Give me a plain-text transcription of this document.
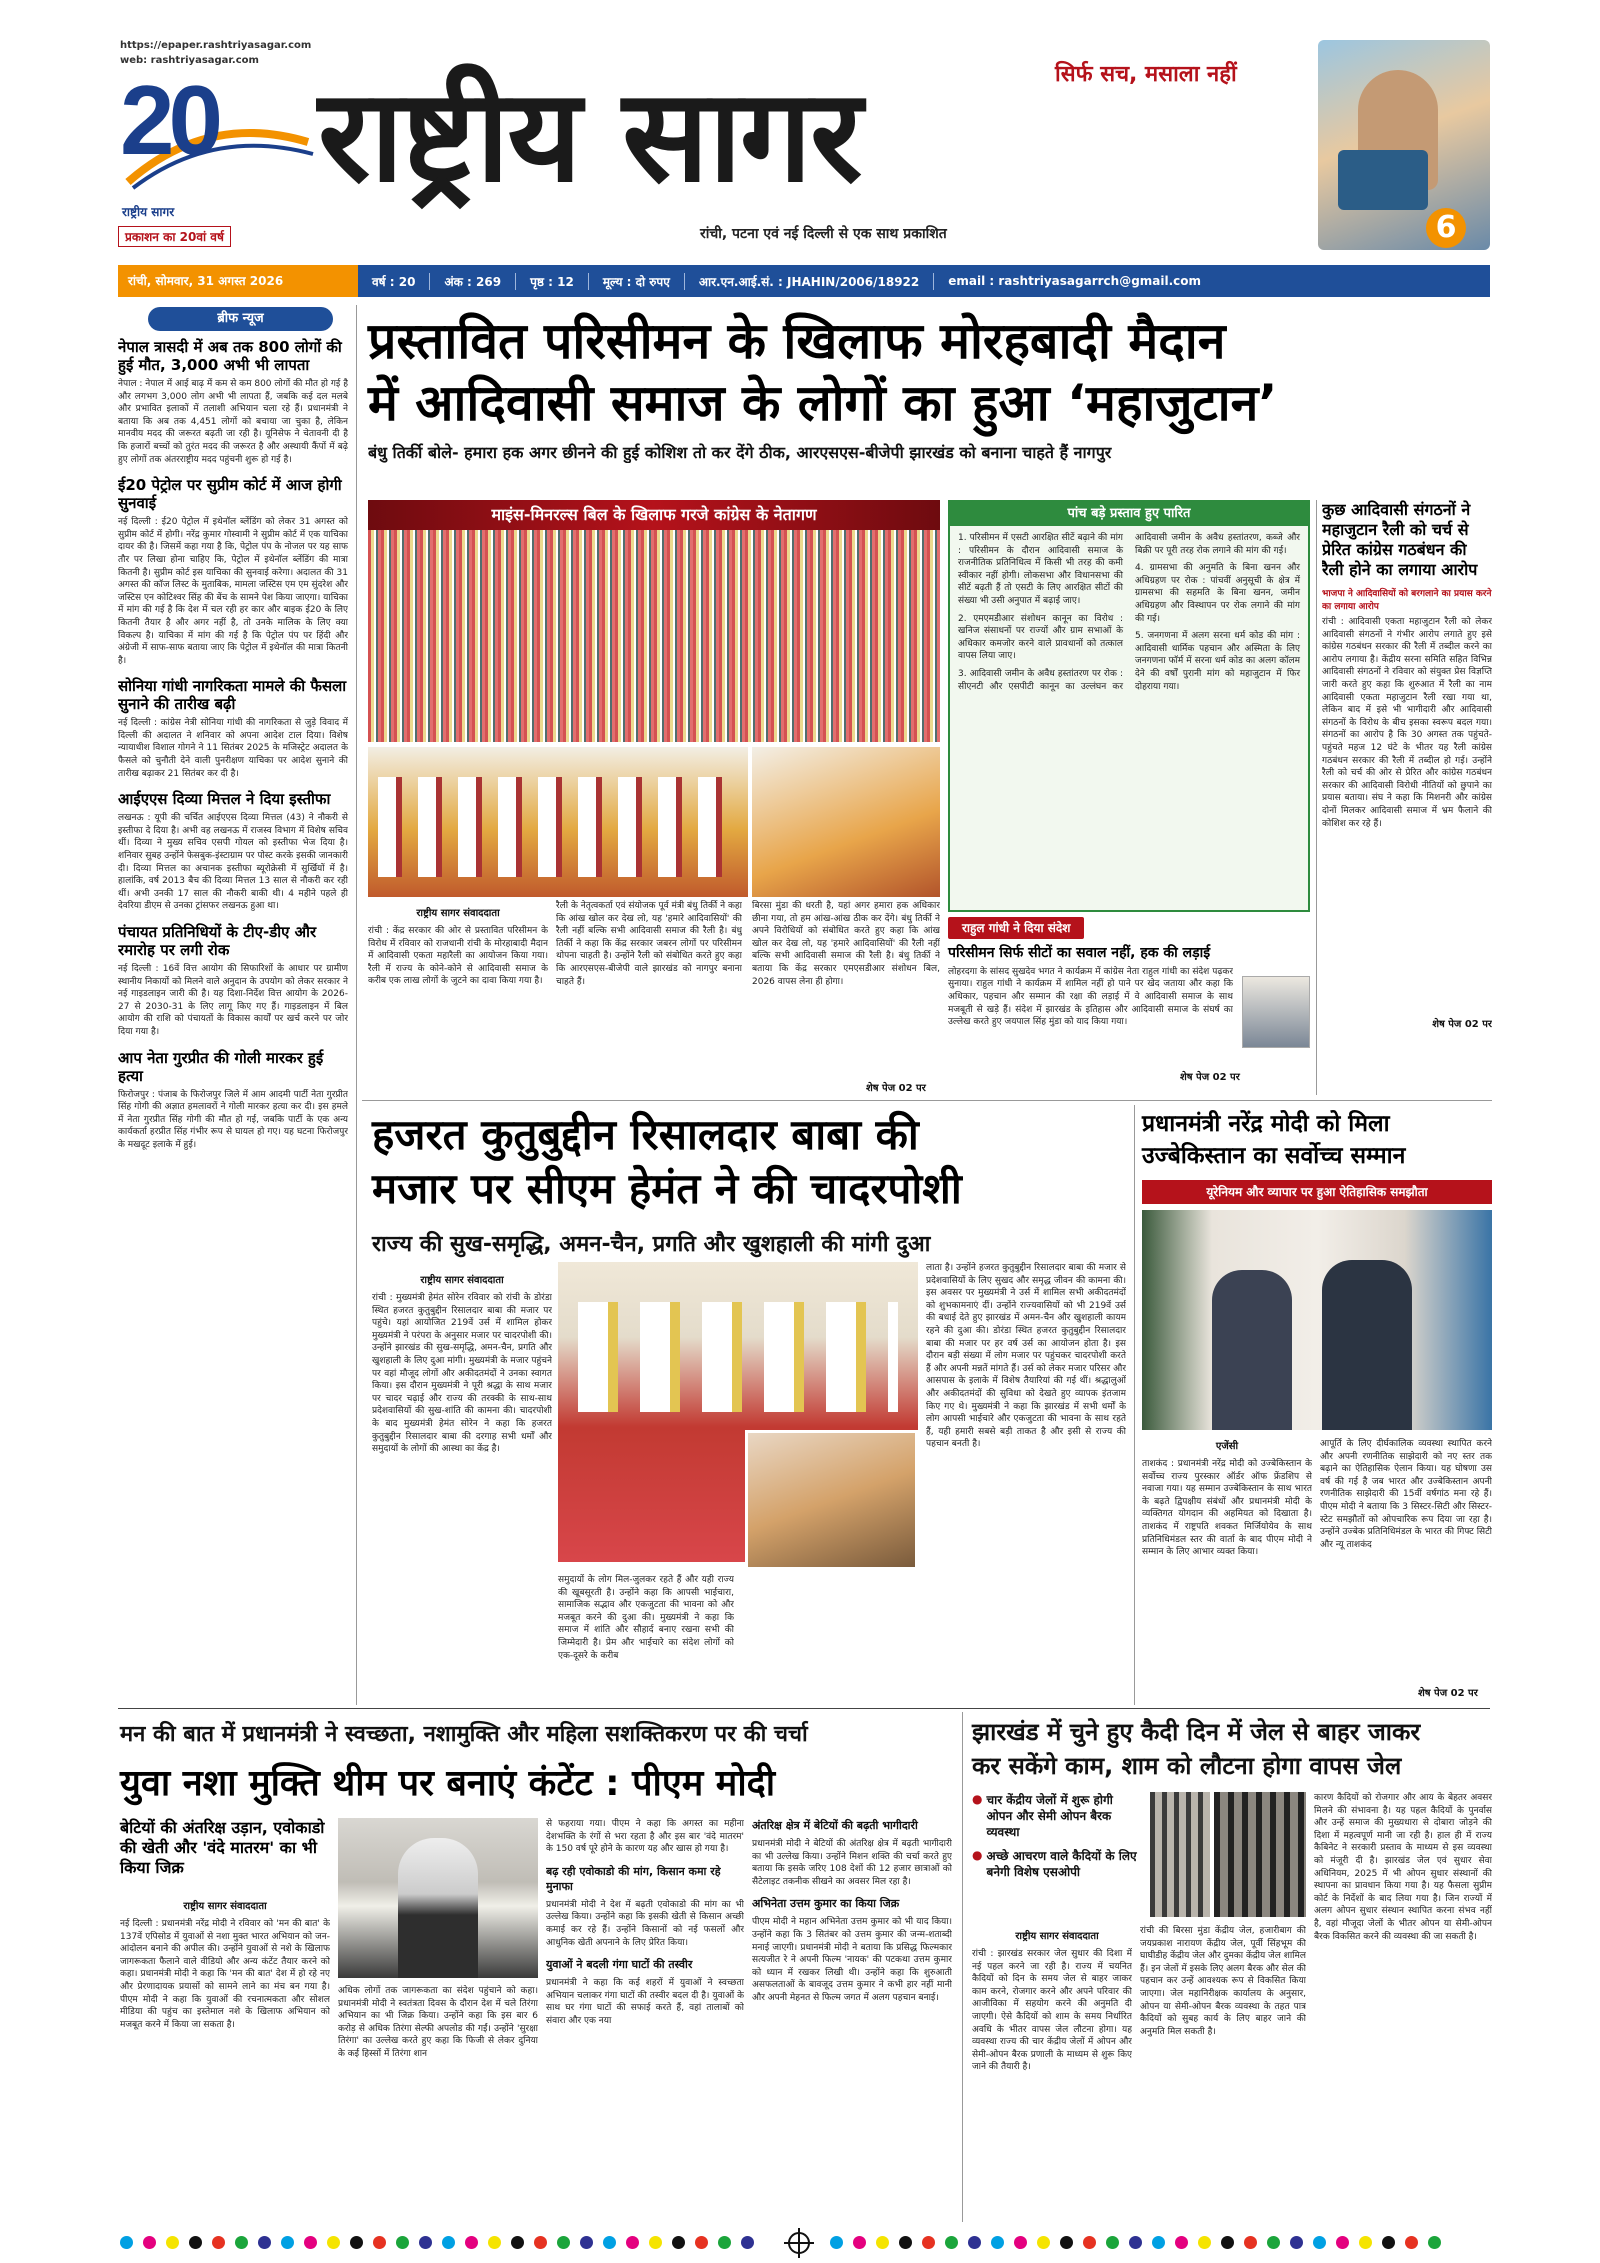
https://epaper.rashtriyasagar.com
web: rashtriyasagar.com
20
राष्ट्रीय सागर
प्रकाशन का 20वां वर्ष
राष्ट्रीय सागर	सिर्फ सच, मसाला नहीं
रांची, पटना एवं नई दिल्ली से एक साथ प्रकाशित	6
रांची, सोमवार, 31 अगस्त 2026	वर्ष : 20	अंक : 269	पृष्ठ : 12	मूल्य : दो रुपए	आर.एन.आई.सं. : JHAHIN/2006/18922	email : rashtriyasagarrch@gmail.com
ब्रीफ न्यूज
नेपाल त्रासदी में अब तक 800 लोगों की हुई मौत, 3,000 अभी भी लापता

नेपाल : नेपाल में आई बाढ़ में कम से कम 800 लोगों की मौत हो गई है और लगभग 3,000 लोग अभी भी लापता हैं, जबकि कई दल मलबे और प्रभावित इलाकों में तलाशी अभियान चला रहे हैं। प्रधानमंत्री ने बताया कि अब तक 4,451 लोगों को बचाया जा चुका है, लेकिन मानवीय मदद की जरूरत बढ़ती जा रही है। यूनिसेफ ने चेतावनी दी है कि हजारों बच्चों को तुरंत मदद की जरूरत है और अस्थायी कैंपों में बढ़े हुए लोगों तक अंतरराष्ट्रीय मदद पहुंचनी शुरू हो गई है।

ई20 पेट्रोल पर सुप्रीम कोर्ट में आज होगी सुनवाई

नई दिल्ली : ई20 पेट्रोल में इथेनॉल ब्लेंडिंग को लेकर 31 अगस्त को सुप्रीम कोर्ट में होगी। नरेंद्र कुमार गोस्वामी ने सुप्रीम कोर्ट में एक याचिका दायर की है। जिसमें कहा गया है कि, पेट्रोल पंप के नोजल पर यह साफ तौर पर लिखा होना चाहिए कि, पेट्रोल में इथेनॉल ब्लेंडिंग की मात्रा कितनी है। सुप्रीम कोर्ट इस याचिका की सुनवाई करेगा। अदालत की 31 अगस्त की कॉज लिस्ट के मुताबिक, मामला जस्टिस एम एम सुंदरेश और जस्टिस एन कोटिश्वर सिंह की बेंच के सामने पेश किया जाएगा। याचिका में मांग की गई है कि देश में चल रही हर कार और बाइक ई20 के लिए कितनी तैयार है और अगर नहीं है, तो उनके मालिक के लिए क्या विकल्प है। याचिका में मांग की गई है कि पेट्रोल पंप पर हिंदी और अंग्रेजी में साफ-साफ बताया जाए कि पेट्रोल में इथेनॉल की मात्रा कितनी है।

सोनिया गांधी नागरिकता मामले की फैसला सुनाने की तारीख बढ़ी

नई दिल्ली : कांग्रेस नेत्री सोनिया गांधी की नागरिकता से जुड़े विवाद में दिल्ली की अदालत ने शनिवार को अपना आदेश टाल दिया। विशेष न्यायाधीश विशाल गोगने ने 11 सितंबर 2025 के मजिस्ट्रेट अदालत के फैसले को चुनौती देने वाली पुनरीक्षण याचिका पर आदेश सुनाने की तारीख बढ़ाकर 21 सितंबर कर दी है।

आईएएस दिव्या मित्तल ने दिया इस्तीफा

लखनऊ : यूपी की चर्चित आईएएस दिव्या मित्तल (43) ने नौकरी से इस्तीफा दे दिया है। अभी वह लखनऊ में राजस्व विभाग में विशेष सचिव थीं। दिव्या ने मुख्य सचिव एसपी गोयल को इस्तीफा भेज दिया है। शनिवार सुबह उन्होंने फेसबुक-इंस्टाग्राम पर पोस्ट करके इसकी जानकारी दी। दिव्या मित्तल का अचानक इस्तीफा ब्यूरोक्रेसी में सुर्खियों में है। हालांकि, वर्ष 2013 बैच की दिव्या मित्तल 13 साल से नौकरी कर रही थीं। अभी उनकी 17 साल की नौकरी बाकी थी। 4 महीने पहले ही देवरिया डीएम से उनका ट्रांसफर लखनऊ हुआ था।

पंचायत प्रतिनिधियों के टीए-डीए और रमारोह पर लगी रोक

नई दिल्ली : 16वें वित्त आयोग की सिफारिशों के आधार पर ग्रामीण स्थानीय निकायों को मिलने वाले अनुदान के उपयोग को लेकर सरकार ने नई गाइडलाइन जारी की है। यह दिशा-निर्देश वित्त आयोग के 2026-27 से 2030-31 के लिए लागू किए गए हैं। गाइडलाइन में बिल आयोग की राशि को पंचायतों के विकास कार्यों पर खर्च करने पर जोर दिया गया है।

आप नेता गुरप्रीत की गोली मारकर हुई हत्या

फिरोजपुर : पंजाब के फिरोजपुर जिले में आम आदमी पार्टी नेता गुरप्रीत सिंह गोगी की अज्ञात हमलावरों ने गोली मारकर हत्या कर दी। इस हमले में नेता गुरप्रीत सिंह गोगी की मौत हो गई, जबकि पार्टी के एक अन्य कार्यकर्ता हरप्रीत सिंह गंभीर रूप से घायल हो गए। यह घटना फिरोजपुर के मखदूट इलाके में हुई।

प्रस्तावित परिसीमन के खिलाफ मोरहबादी मैदान
में आदिवासी समाज के लोगों का हुआ ‘महाजुटान’
बंधु तिर्की बोले- हमारा हक अगर छीनने की हुई कोशिश तो कर देंगे ठीक, आरएसएस-बीजेपी झारखंड को बनाना चाहते हैं नागपुर
माइंस-मिनरल्स बिल के खिलाफ गरजे कांग्रेस के नेतागण
राष्ट्रीय सागर संवाददाता

रांची : केंद्र सरकार की ओर से प्रस्तावित परिसीमन के विरोध में रविवार को राजधानी रांची के मोरहाबादी मैदान में आदिवासी एकता महारैली का आयोजन किया गया। रैली में राज्य के कोने-कोने से आदिवासी समाज के करीब एक लाख लोगों के जुटने का दावा किया गया है।

रैली के नेतृत्वकर्ता एवं संयोजक पूर्व मंत्री बंधु तिर्की ने कहा कि आंख खोल कर देख लो, यह 'हमारे आदिवासियों' की रैली नहीं बल्कि सभी आदिवासी समाज की रैली है। बंधु तिर्की ने कहा कि केंद्र सरकार जबरन लोगों पर परिसीमन थोपना चाहती है। उन्होंने रैली को संबोधित करते हुए कहा कि आरएसएस-बीजेपी वाले झारखंड को नागपुर बनाना चाहते हैं।

बिरसा मुंडा की धरती है, यहां अगर हमारा हक अधिकार छीना गया, तो हम आंख-आंख ठीक कर देंगे। बंधु तिर्की ने अपने विरोधियों को संबोधित करते हुए कहा कि आंख खोल कर देख लो, यह 'हमारे आदिवासियों' की रैली नहीं बल्कि सभी आदिवासी समाज की रैली है। बंधु तिर्की ने बताया कि केंद्र सरकार एमएसडीआर संशोधन बिल, 2026 वापस लेना ही होगा।

शेष पेज 02 पर
पांच बड़े प्रस्ताव हुए पारित

1. परिसीमन में एसटी आरक्षित सीटें बढ़ाने की मांग : परिसीमन के दौरान आदिवासी समाज के राजनीतिक प्रतिनिधित्व में किसी भी तरह की कमी स्वीकार नहीं होगी। लोकसभा और विधानसभा की सीटें बढ़ती हैं तो एसटी के लिए आरक्षित सीटों की संख्या भी उसी अनुपात में बढ़ाई जाए।

2. एमएमडीआर संशोधन कानून का विरोध : खनिज संसाधनों पर राज्यों और ग्राम सभाओं के अधिकार कमजोर करने वाले प्रावधानों को तत्काल वापस लिया जाए।

3. आदिवासी जमीन के अवैध हस्तांतरण पर रोक : सीएनटी और एसपीटी कानून का उल्लंघन कर आदिवासी जमीन के अवैध हस्तांतरण, कब्जे और बिक्री पर पूरी तरह रोक लगाने की मांग की गई।

4. ग्रामसभा की अनुमति के बिना खनन और अधिग्रहण पर रोक : पांचवीं अनुसूची के क्षेत्र में ग्रामसभा की सहमति के बिना खनन, जमीन अधिग्रहण और विस्थापन पर रोक लगाने की मांग की गई।

5. जनगणना में अलग सरना धर्म कोड की मांग : आदिवासी धार्मिक पहचान और अस्मिता के लिए जनगणना फॉर्म में सरना धर्म कोड का अलग कॉलम देने की वर्षों पुरानी मांग को महाजुटान में फिर दोहराया गया।

राहुल गांधी ने दिया संदेश
परिसीमन सिर्फ सीटों का सवाल नहीं, हक की लड़ाई

लोहरदगा के सांसद सुखदेव भगत ने कार्यक्रम में कांग्रेस नेता राहुल गांधी का संदेश पढ़कर सुनाया। राहुल गांधी ने कार्यक्रम में शामिल नहीं हो पाने पर खेद जताया और कहा कि अधिकार, पहचान और सम्मान की रक्षा की लड़ाई में वे आदिवासी समाज के साथ मजबूती से खड़े हैं। संदेश में झारखंड के इतिहास और आदिवासी समाज के संघर्ष का उल्लेख करते हुए जयपाल सिंह मुंडा को याद किया गया।

शेष पेज 02 पर
कुछ आदिवासी संगठनों ने महाजुटान रैली को चर्च से प्रेरित कांग्रेस गठबंधन की रैली होने का लगाया आरोप
भाजपा ने आदिवासियों को बरगलाने का प्रयास करने का लगाया आरोप

रांची : आदिवासी एकता महाजुटान रैली को लेकर आदिवासी संगठनों ने गंभीर आरोप लगाते हुए इसे कांग्रेस गठबंधन सरकार की रैली में तब्दील करने का आरोप लगाया है। केंद्रीय सरना समिति सहित विभिन्न आदिवासी संगठनों ने रविवार को संयुक्त प्रेस विज्ञप्ति जारी करते हुए कहा कि शुरुआत में रैली का नाम आदिवासी एकता महाजुटान रैली रखा गया था, लेकिन बाद में इसे भी भागीदारी और आदिवासी संगठनों के विरोध के बीच इसका स्वरूप बदल गया। संगठनों का आरोप है कि 30 अगस्त तक पहुंचते-पहुंचते महज 12 घंटे के भीतर यह रैली कांग्रेस गठबंधन सरकार की रैली में तब्दील हो गई। उन्होंने रैली को चर्च की ओर से प्रेरित और कांग्रेस गठबंधन सरकार की आदिवासी विरोधी नीतियों को छुपाने का प्रयास बताया। संघ ने कहा कि मिशनरी और कांग्रेस दोनों मिलकर आदिवासी समाज में भ्रम फैलाने की कोशिश कर रहे हैं।

शेष पेज 02 पर
हजरत कुतुबुद्दीन रिसालदार बाबा की
मजार पर सीएम हेमंत ने की चादरपोशी
राज्य की सुख-समृद्धि, अमन-चैन, प्रगति और खुशहाली की मांगी दुआ
राष्ट्रीय सागर संवाददाता

रांची : मुख्यमंत्री हेमंत सोरेन रविवार को रांची के डोरंडा स्थित हजरत कुतुबुद्दीन रिसालदार बाबा की मजार पर पहुंचे। यहां आयोजित 219वें उर्स में शामिल होकर मुख्यमंत्री ने परंपरा के अनुसार मजार पर चादरपोशी की। उन्होंने झारखंड की सुख-समृद्धि, अमन-चैन, प्रगति और खुशहाली के लिए दुआ मांगी। मुख्यमंत्री के मजार पहुंचने पर वहां मौजूद लोगों और अकीदतमंदों ने उनका स्वागत किया। इस दौरान मुख्यमंत्री ने पूरी श्रद्धा के साथ मजार पर चादर चढ़ाई और राज्य की तरक्की के साथ-साथ प्रदेशवासियों की सुख-शांति की कामना की। चादरपोशी के बाद मुख्यमंत्री हेमंत सोरेन ने कहा कि हजरत कुतुबुद्दीन रिसालदार बाबा की दरगाह सभी धर्मों और समुदायों के लोगों की आस्था का केंद्र है।

समुदायों के लोग मिल-जुलकर रहते हैं और यही राज्य की खूबसूरती है। उन्होंने कहा कि आपसी भाईचारा, सामाजिक सद्भाव और एकजुटता की भावना को और मजबूत करने की दुआ की। मुख्यमंत्री ने कहा कि समाज में शांति और सौहार्द बनाए रखना सभी की जिम्मेदारी है। प्रेम और भाईचारे का संदेश लोगों को एक-दूसरे के करीब

लाता है। उन्होंने हजरत कुतुबुद्दीन रिसालदार बाबा की मजार से प्रदेशवासियों के लिए सुखद और समृद्ध जीवन की कामना की। इस अवसर पर मुख्यमंत्री ने उर्स में शामिल सभी अकीदतमंदों को शुभकामनाएं दीं। उन्होंने राज्यवासियों को भी 219वें उर्स की बधाई देते हुए झारखंड में अमन-चैन और खुशहाली कायम रहने की दुआ की। डोरंडा स्थित हजरत कुतुबुद्दीन रिसालदार बाबा की मजार पर हर वर्ष उर्स का आयोजन होता है। इस दौरान बड़ी संख्या में लोग मजार पर पहुंचकर चादरपोशी करते हैं और अपनी मन्नतें मांगते हैं। उर्स को लेकर मजार परिसर और आसपास के इलाके में विशेष तैयारियां की गई थीं। श्रद्धालुओं और अकीदतमंदों की सुविधा को देखते हुए व्यापक इंतजाम किए गए थे। मुख्यमंत्री ने कहा कि झारखंड में सभी धर्मों के लोग आपसी भाईचारे और एकजुटता की भावना के साथ रहते हैं, यही हमारी सबसे बड़ी ताकत है और इसी से राज्य की पहचान बनती है।

प्रधानमंत्री नरेंद्र मोदी को मिला उज्बेकिस्तान का सर्वोच्च सम्मान
यूरेनियम और व्यापार पर हुआ ऐतिहासिक समझौता
एजेंसी

ताशकंद : प्रधानमंत्री नरेंद्र मोदी को उज्बेकिस्तान के सर्वोच्च राज्य पुरस्कार ऑर्डर ऑफ फ्रेंडशिप से नवाजा गया। यह सम्मान उज्बेकिस्तान के साथ भारत के बढ़ते द्विपक्षीय संबंधों और प्रधानमंत्री मोदी के व्यक्तिगत योगदान की अहमियत को दिखाता है। ताशकंद में राष्ट्रपति शवकत मिर्जियोयेव के साथ प्रतिनिधिमंडल स्तर की वार्ता के बाद पीएम मोदी ने सम्मान के लिए आभार व्यक्त किया।

आपूर्ति के लिए दीर्घकालिक व्यवस्था स्थापित करने और अपनी रणनीतिक साझेदारी को नए स्तर तक बढ़ाने का ऐतिहासिक ऐलान किया। यह घोषणा उस वर्ष की गई है जब भारत और उज्बेकिस्तान अपनी रणनीतिक साझेदारी की 15वीं वर्षगांठ मना रहे हैं। पीएम मोदी ने बताया कि 3 सिस्टर-सिटी और सिस्टर-स्टेट समझौतों को ओपचारिक रूप दिया जा रहा है। उन्होंने उज्बेक प्रतिनिधिमंडल के भारत की गिफ्ट सिटी और न्यू ताशकंद

शेष पेज 02 पर
मन की बात में प्रधानमंत्री ने स्वच्छता, नशामुक्ति और महिला सशक्तिकरण पर की चर्चा
युवा नशा मुक्ति थीम पर बनाएं कंटेंट : पीएम मोदी
बेटियों की अंतरिक्ष उड़ान, एवोकाडो की खेती और 'वंदे मातरम' का भी किया जिक्र
राष्ट्रीय सागर संवाददाता

नई दिल्ली : प्रधानमंत्री नरेंद्र मोदी ने रविवार को 'मन की बात' के 137वें एपिसोड में युवाओं से नशा मुक्त भारत अभियान को जन-आंदोलन बनाने की अपील की। उन्होंने युवाओं से नशे के खिलाफ जागरूकता फैलाने वाले वीडियो और अन्य कंटेंट तैयार करने को कहा। प्रधानमंत्री मोदी ने कहा कि 'मन की बात' देश में हो रहे नए और प्रेरणादायक प्रयासों को सामने लाने का मंच बन गया है। पीएम मोदी ने कहा कि युवाओं की रचनात्मकता और सोशल मीडिया की पहुंच का इस्तेमाल नशे के खिलाफ अभियान को मजबूत करने में किया जा सकता है।

अधिक लोगों तक जागरूकता का संदेश पहुंचाने को कहा। प्रधानमंत्री मोदी ने स्वतंत्रता दिवस के दौरान देश में चले तिरंगा अभियान का भी जिक्र किया। उन्होंने कहा कि इस बार 6 करोड़ से अधिक तिरंगा सेल्फी अपलोड की गईं। उन्होंने 'सुरक्षा तिरंगा' का उल्लेख करते हुए कहा कि फिजी से लेकर दुनिया के कई हिस्सों में तिरंगा शान

से फहराया गया। पीएम ने कहा कि अगस्त का महीना देशभक्ति के रंगों से भरा रहता है और इस बार 'वंदे मातरम' के 150 वर्ष पूरे होने के कारण यह और खास हो गया है।

बढ़ रही एवोकाडो की मांग, किसान कमा रहे मुनाफा

प्रधानमंत्री मोदी ने देश में बढ़ती एवोकाडो की मांग का भी उल्लेख किया। उन्होंने कहा कि इसकी खेती से किसान अच्छी कमाई कर रहे हैं। उन्होंने किसानों को नई फसलों और आधुनिक खेती अपनाने के लिए प्रेरित किया।

युवाओं ने बदली गंगा घाटों की तस्वीर

प्रधानमंत्री ने कहा कि कई शहरों में युवाओं ने स्वच्छता अभियान चलाकर गंगा घाटों की तस्वीर बदल दी है। युवाओं के साथ घर गंगा घाटों की सफाई करते हैं, वहां तालाबों को संवारा और एक नया

अंतरिक्ष क्षेत्र में बेटियों की बढ़ती भागीदारी

प्रधानमंत्री मोदी ने बेटियों की अंतरिक्ष क्षेत्र में बढ़ती भागीदारी का भी उल्लेख किया। उन्होंने मिशन शक्ति की चर्चा करते हुए बताया कि इसके जरिए 108 देशों की 12 हजार छात्राओं को सैटेलाइट तकनीक सीखने का अवसर मिल रहा है।

अभिनेता उत्तम कुमार का किया जिक्र

पीएम मोदी ने महान अभिनेता उत्तम कुमार को भी याद किया। उन्होंने कहा कि 3 सितंबर को उत्तम कुमार की जन्म-शताब्दी मनाई जाएगी। प्रधानमंत्री मोदी ने बताया कि प्रसिद्ध फिल्मकार सत्यजीत रे ने अपनी फिल्म 'नायक' की पटकथा उत्तम कुमार को ध्यान में रखकर लिखी थी। उन्होंने कहा कि शुरुआती असफलताओं के बावजूद उत्तम कुमार ने कभी हार नहीं मानी और अपनी मेहनत से फिल्म जगत में अलग पहचान बनाई।

झारखंड में चुने हुए कैदी दिन में जेल से बाहर जाकर
कर सकेंगे काम, शाम को लौटना होगा वापस जेल
● चार केंद्रीय जेलों में शुरू होगी ओपन और सेमी ओपन बैरक व्यवस्था
● अच्छे आचरण वाले कैदियों के लिए बनेगी विशेष एसओपी
राष्ट्रीय सागर संवाददाता

रांची : झारखंड सरकार जेल सुधार की दिशा में नई पहल करने जा रही है। राज्य में चयनित कैदियों को दिन के समय जेल से बाहर जाकर काम करने, रोजगार करने और अपने परिवार की आजीविका में सहयोग करने की अनुमति दी जाएगी। ऐसे कैदियों को शाम के समय निर्धारित अवधि के भीतर वापस जेल लौटना होगा। यह व्यवस्था राज्य की चार केंद्रीय जेलों में ओपन और सेमी-ओपन बैरक प्रणाली के माध्यम से शुरू किए जाने की तैयारी है।

रांची की बिरसा मुंडा केंद्रीय जेल, हजारीबाग की जयप्रकाश नारायण केंद्रीय जेल, पूर्वी सिंहभूम की घाघीडीह केंद्रीय जेल और दुमका केंद्रीय जेल शामिल हैं। इन जेलों में इसके लिए अलग बैरक और सेल की पहचान कर उन्हें आवश्यक रूप से विकसित किया जाएगा। जेल महानिरीक्षक कार्यालय के अनुसार, ओपन या सेमी-ओपन बैरक व्यवस्था के तहत पात्र कैदियों को सुबह कार्य के लिए बाहर जाने की अनुमति मिल सकती है।

कारण कैदियों को रोजगार और आय के बेहतर अवसर मिलने की संभावना है। यह पहल कैदियों के पुनर्वास और उन्हें समाज की मुख्यधारा से दोबारा जोड़ने की दिशा में महत्वपूर्ण मानी जा रही है। हाल ही में राज्य कैबिनेट ने सरकारी प्रस्ताव के माध्यम से इस व्यवस्था को मंजूरी दी है। झारखंड जेल एवं सुधार सेवा अधिनियम, 2025 में भी ओपन सुधार संस्थानों की स्थापना का प्रावधान किया गया है। यह फैसला सुप्रीम कोर्ट के निर्देशों के बाद लिया गया है। जिन राज्यों में अलग ओपन सुधार संस्थान स्थापित करना संभव नहीं है, वहां मौजूदा जेलों के भीतर ओपन या सेमी-ओपन बैरक विकसित करने की व्यवस्था की जा सकती है।
